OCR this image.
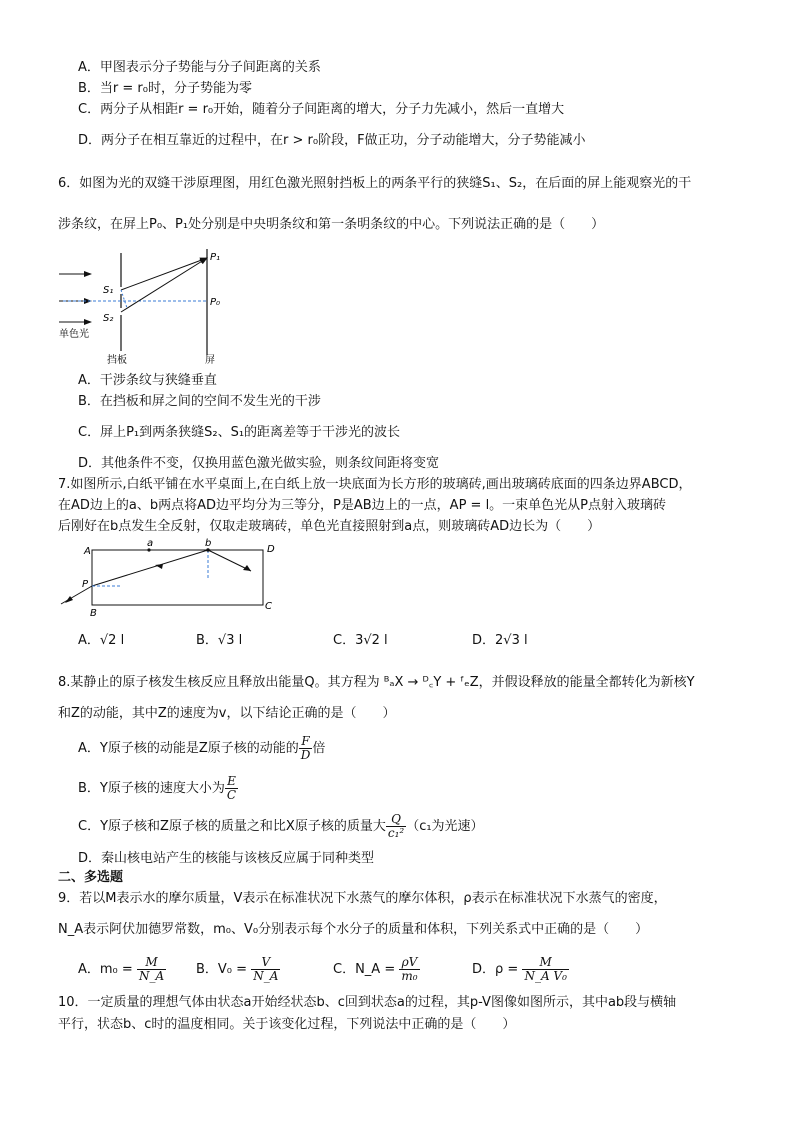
A．甲图表示分子势能与分子间距离的关系
B．当r = r₀时，分子势能为零
C．两分子从相距r = r₀开始，随着分子间距离的增大，分子力先减小，然后一直增大
D．两分子在相互靠近的过程中，在r > r₀阶段，F做正功，分子动能增大，分子势能减小
6．如图为光的双缝干涉原理图，用红色激光照射挡板上的两条平行的狭缝S₁、S₂，在后面的屏上能观察光的干
涉条纹，在屏上P₀、P₁处分别是中央明条纹和第一条明条纹的中心。下列说法正确的是（　　）
S₁
S₂
P₁
P₀
单色光
挡板	屏
A．干涉条纹与狭缝垂直
B．在挡板和屏之间的空间不发生光的干涉
C．屏上P₁到两条狭缝S₂、S₁的距离差等于干涉光的波长
D．其他条件不变，仅换用蓝色激光做实验，则条纹间距将变宽
7.如图所示,白纸平铺在水平桌面上,在白纸上放一块底面为长方形的玻璃砖,画出玻璃砖底面的四条边界ABCD，
在AD边上的a、b两点将AD边平均分为三等分，P是AB边上的一点，AP = l。一束单色光从P点射入玻璃砖
后刚好在b点发生全反射，仅取走玻璃砖，单色光直接照射到a点，则玻璃砖AD边长为（　　）
A
B
C
D
a	b
P
A．√2 l	B．√3 l	C．3√2 l	D．2√3 l
8.某静止的原子核发生核反应且释放出能量Q。其方程为 ᴮₐX → ᴰ꜀Y + ᶠₑZ，并假设释放的能量全都转化为新核Y
和Z的动能，其中Z的速度为v，以下结论正确的是（　　）
A．Y原子核的动能是Z原子核的动能的 $\frac{F}{D}$ 倍
B．Y原子核的速度大小为 $\frac{E}{C}$
C．Y原子核和Z原子核的质量之和比X原子核的质量大 $\frac{Q}{\text{c₁²}} (c_1$为光速）
D．秦山核电站产生的核能与该核反应属于同种类型
二、多选题
9．若以M表示水的摩尔质量，V表示在标准状况下水蒸气的摩尔体积，ρ表示在标准状况下水蒸气的密度，
N_A表示阿伏加德罗常数，m₀、V₀分别表示每个水分子的质量和体积，下列关系式中正确的是（　　）
A．$m_0 = \frac{M}{N\_A}$ B．$V_0 = \frac{V}{N\_A}$	C．N_A = $\frac{\rho V}{\text{m₀}}$	D．$\rho = \frac{M}{\text{N\_A V₀}}$
10．一定质量的理想气体由状态a开始经状态b、c回到状态a的过程，其p-V图像如图所示，其中ab段与横轴
平行，状态b、c时的温度相同。关于该变化过程，下列说法中正确的是（　　）
